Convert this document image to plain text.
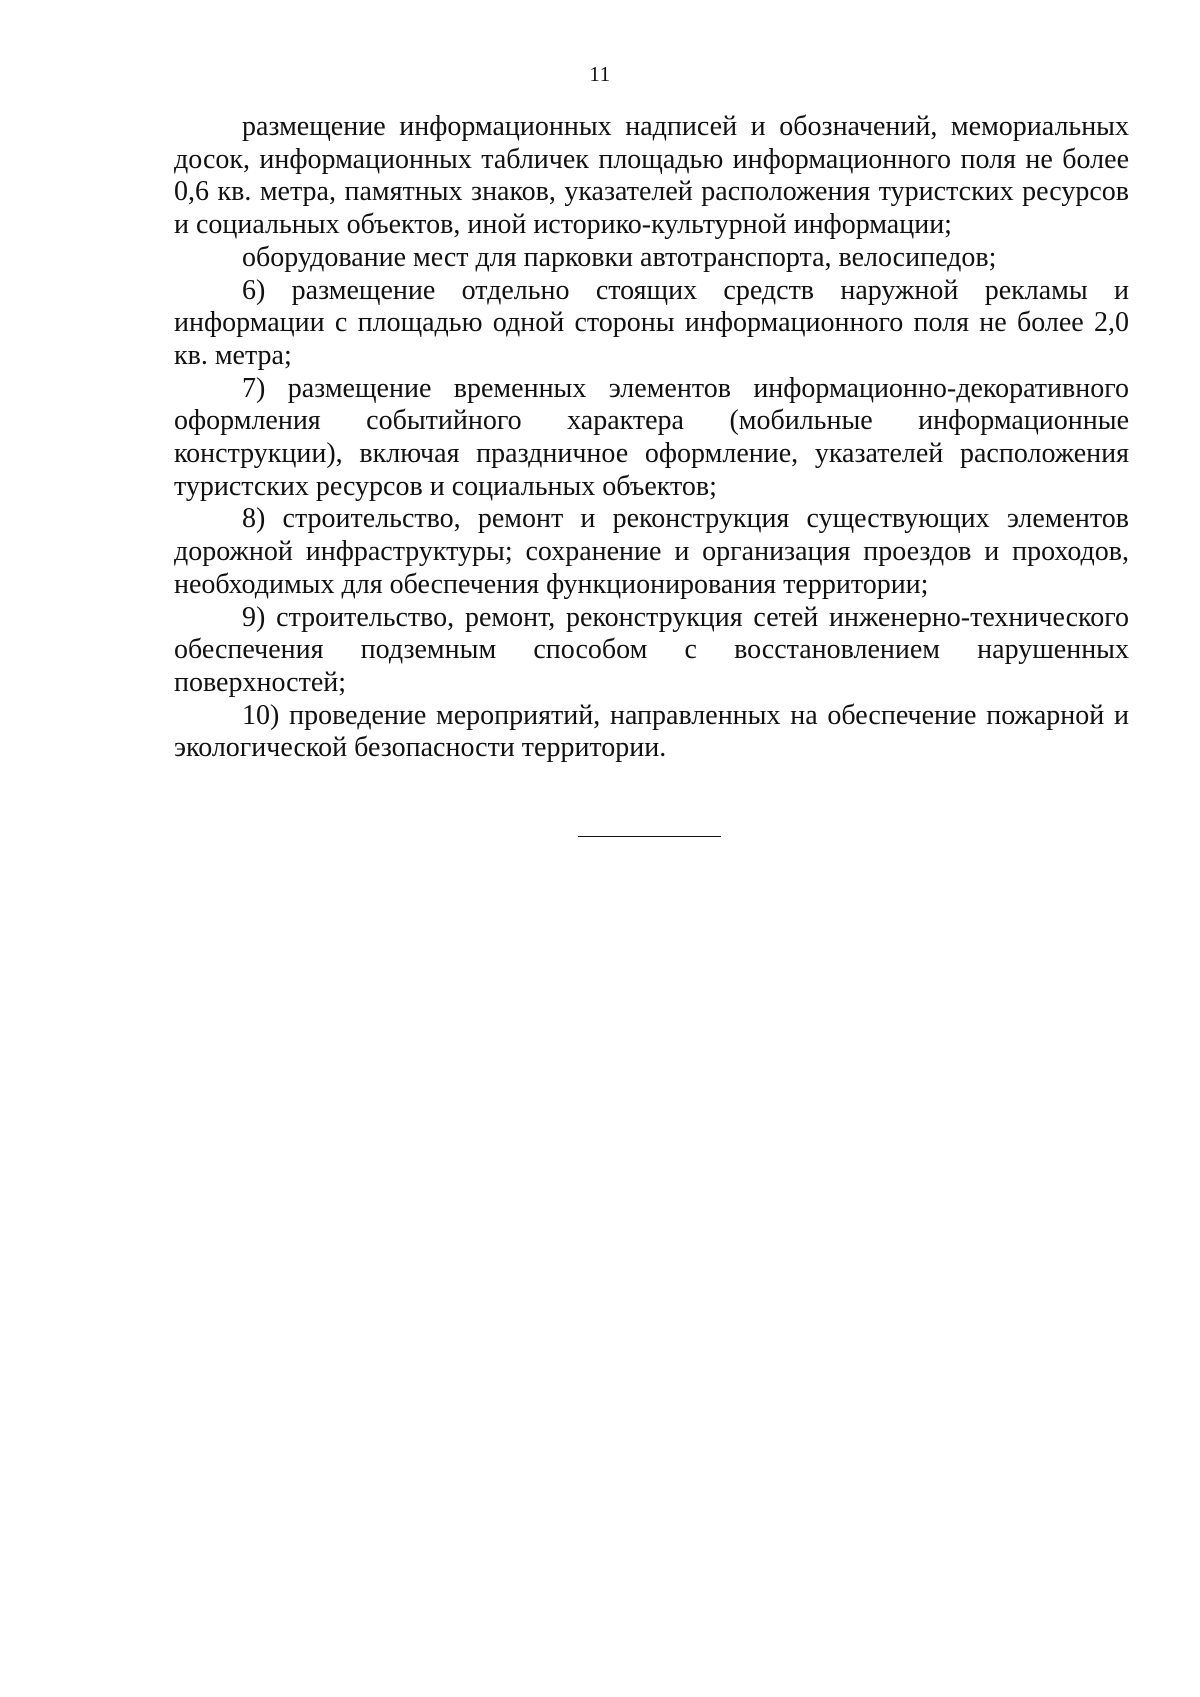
11

размещение информационных надписей и обозначений, мемориальных досок, информационных табличек площадью информационного поля не более 0,6 кв. метра, памятных знаков, указателей расположения туристских ресурсов и социальных объектов, иной историко-культурной информации;

оборудование мест для парковки автотранспорта, велосипедов;

6) размещение отдельно стоящих средств наружной рекламы и информации с площадью одной стороны информационного поля не более 2,0 кв. метра;

7) размещение временных элементов информационно-декоративного оформления событийного характера (мобильные информационные конструкции), включая праздничное оформление, указателей расположения туристских ресурсов и социальных объектов;

8) строительство, ремонт и реконструкция существующих элементов дорожной инфраструктуры; сохранение и организация проездов и проходов, необходимых для обеспечения функционирования территории;

9) строительство, ремонт, реконструкция сетей инженерно-технического обеспечения подземным способом с восстановлением нарушенных поверхностей;

10) проведение мероприятий, направленных на обеспечение пожарной и экологической безопасности территории.
